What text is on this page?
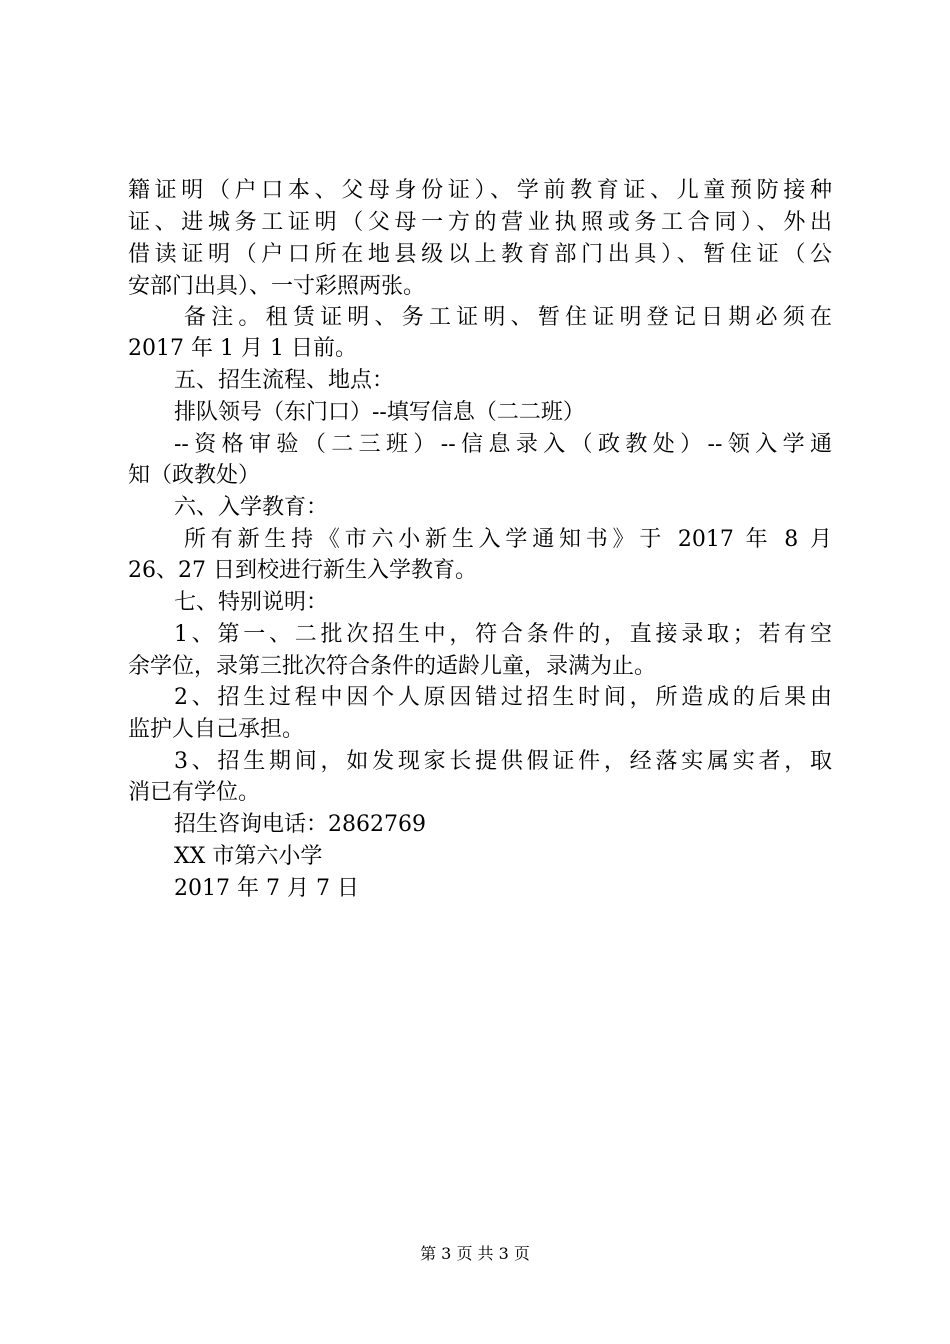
籍证明（户口本、父母身份证）、学前教育证、儿童预防接种
证、进城务工证明（父母一方的营业执照或务工合同）、外出
借读证明（户口所在地县级以上教育部门出具）、暂住证（公
安部门出具）、一寸彩照两张。
备注。租赁证明、务工证明、暂住证明登记日期必须在
2017 年 1 月 1 日前。
五、招生流程、地点：
排队领号（东门口）--填写信息（二二班）
--资格审验（二三班）--信息录入（政教处）--领入学通
知（政教处）
六、入学教育：
所有新生持《市六小新生入学通知书》于 2017 年 8 月
26、27 日到校进行新生入学教育。
七、特别说明：
1、第一、二批次招生中，符合条件的，直接录取；若有空
余学位，录第三批次符合条件的适龄儿童，录满为止。
2、招生过程中因个人原因错过招生时间，所造成的后果由
监护人自己承担。
3、招生期间，如发现家长提供假证件，经落实属实者，取
消已有学位。
招生咨询电话：2862769
XX 市第六小学
2017 年 7 月 7 日
第 3 页 共 3 页
